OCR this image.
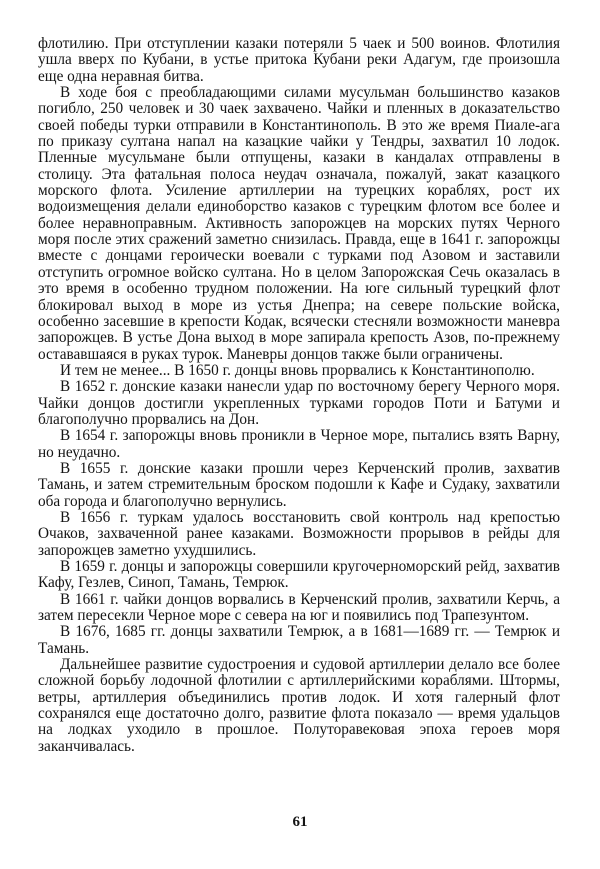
флотилию. При отступлении казаки потеряли 5 чаек и 500 воинов. Флотилия ушла вверх по Кубани, в устье притока Кубани реки Адагум, где произошла еще одна неравная битва.

В ходе боя с преобладающими силами мусульман большинство казаков погибло, 250 человек и 30 чаек захвачено. Чайки и пленных в доказательство своей победы турки отправили в Константинополь. В это же время Пиале-ага по приказу султана напал на казацкие чайки у Тендры, захватил 10 лодок. Пленные мусульмане были отпущены, казаки в кандалах отправлены в столицу. Эта фатальная полоса неудач означала, пожалуй, закат казацкого морского флота. Усиление артиллерии на турецких кораблях, рост их водоизмещения делали единоборство казаков с турецким флотом все более и более неравноправным. Активность запорожцев на морских путях Черного моря после этих сражений заметно снизилась. Правда, еще в 1641 г. запорожцы вместе с донцами героически воевали с турками под Азовом и заставили отступить огромное войско султана. Но в целом Запорожская Сечь оказалась в это время в особенно трудном положении. На юге сильный турецкий флот блокировал выход в море из устья Днепра; на севере польские войска, особенно засевшие в крепости Кодак, всячески стесняли возможности маневра запорожцев. В устье Дона выход в море запирала крепость Азов, по-прежнему остававшаяся в руках турок. Маневры донцов также были ограничены.

И тем не менее... В 1650 г. донцы вновь прорвались к Константинополю.

В 1652 г. донские казаки нанесли удар по восточному берегу Черного моря. Чайки донцов достигли укрепленных турками городов Поти и Батуми и благополучно прорвались на Дон.

В 1654 г. запорожцы вновь проникли в Черное море, пытались взять Варну, но неудачно.

В 1655 г. донские казаки прошли через Керченский пролив, захватив Тамань, и затем стремительным броском подошли к Кафе и Судаку, захватили оба города и благополучно вернулись.

В 1656 г. туркам удалось восстановить свой контроль над крепостью Очаков, захваченной ранее казаками. Возможности прорывов в рейды для запорожцев заметно ухудшились.

В 1659 г. донцы и запорожцы совершили кругочерноморский рейд, захватив Кафу, Гезлев, Синоп, Тамань, Темрюк.

В 1661 г. чайки донцов ворвались в Керченский пролив, захватили Керчь, а затем пересекли Черное море с севера на юг и появились под Трапезунтом.

В 1676, 1685 гг. донцы захватили Темрюк, а в 1681—1689 гг. — Темрюк и Тамань.

Дальнейшее развитие судостроения и судовой артиллерии делало все более сложной борьбу лодочной флотилии с артиллерийскими кораблями. Штормы, ветры, артиллерия объединились против лодок. И хотя галерный флот сохранялся еще достаточно долго, развитие флота показало — время удальцов на лодках уходило в прошлое. Полуторавековая эпоха героев моря заканчивалась.

61
